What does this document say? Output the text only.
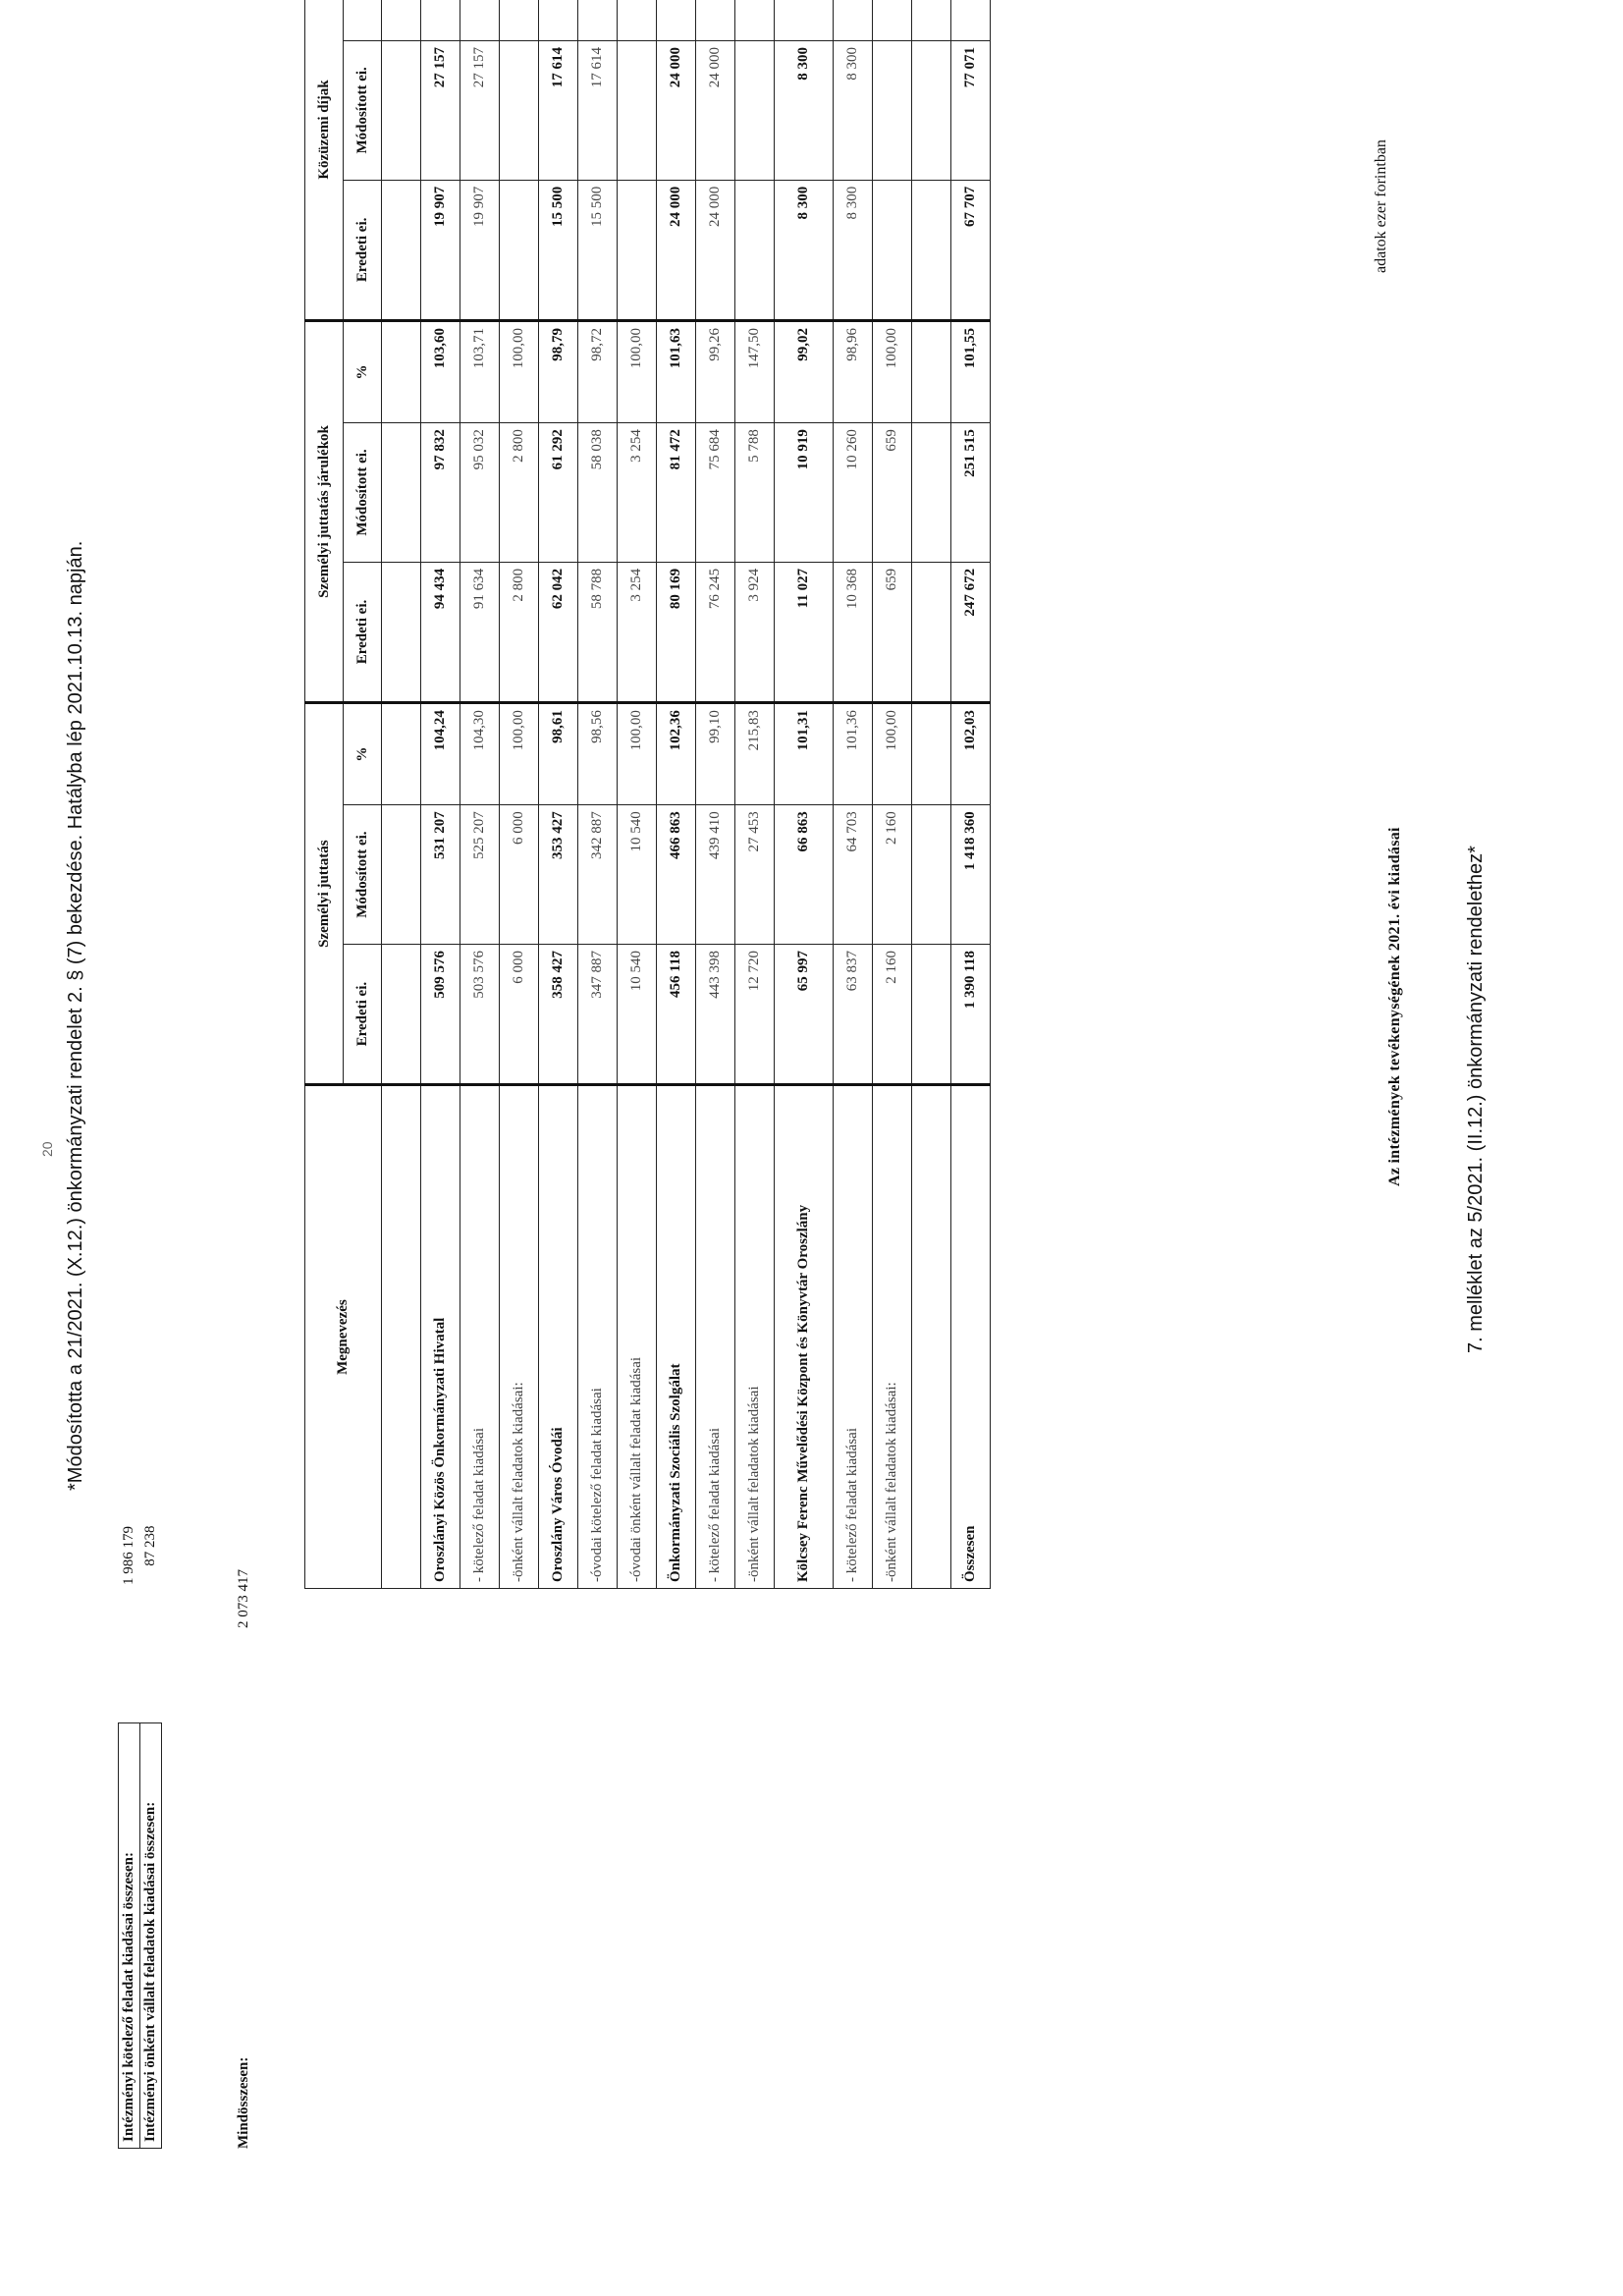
7. melléklet az 5/2021. (II.12.) önkormányzati rendelethez*
Az intézmények tevékenységének 2021. évi kiadásai
adatok ezer forintban
Megnevezés	Személyi juttatás			Személyi juttatás járulékok			Közüzemi díjak		
	Eredeti ei.	Módosított ei.	%	Eredeti ei.	Módosított ei.	%	Eredeti ei.	Módosított ei.	

Oroszlányi Közös Önkormányzati Hivatal	509 576	531 207	104,24	94 434	97 832	103,60	19 907	27 157	
- kötelező feladat kiadásai	503 576	525 207	104,30	91 634	95 032	103,71	19 907	27 157	
-önként vállalt feladatok kiadásai:	6 000	6 000	100,00	2 800	2 800	100,00			
Oroszlány Város Óvodái	358 427	353 427	98,61	62 042	61 292	98,79	15 500	17 614	
-óvodai kötelező feladat kiadásai	347 887	342 887	98,56	58 788	58 038	98,72	15 500	17 614	
-óvodai önként vállalt feladat kiadásai	10 540	10 540	100,00	3 254	3 254	100,00			
Önkormányzati Szociális Szolgálat	456 118	466 863	102,36	80 169	81 472	101,63	24 000	24 000	
- kötelező feladat kiadásai	443 398	439 410	99,10	76 245	75 684	99,26	24 000	24 000	
-önként vállalt feladatok kiadásai	12 720	27 453	215,83	3 924	5 788	147,50			
Kölcsey Ferenc Művelődési Központ és Könyvtár Oroszlány	65 997	66 863	101,31	11 027	10 919	99,02	8 300	8 300	
- kötelező feladat kiadásai	63 837	64 703	101,36	10 368	10 260	98,96	8 300	8 300	
-önként vállalt feladatok kiadásai:	2 160	2 160	100,00	659	659	100,00			

Összesen	1 390 118	1 418 360	102,03	247 672	251 515	101,55	67 707	77 071	
Intézményi kötelező feladat kiadásai összesen:	1 986 179
Intézményi önként vállalt feladatok kiadásai összesen:	87 238
Mindösszesen:
2 073 417
*Módosította a 21/2021. (X.12.) önkormányzati rendelet 2. § (7) bekezdése. Hatályba lép 2021.10.13. napján.
20
